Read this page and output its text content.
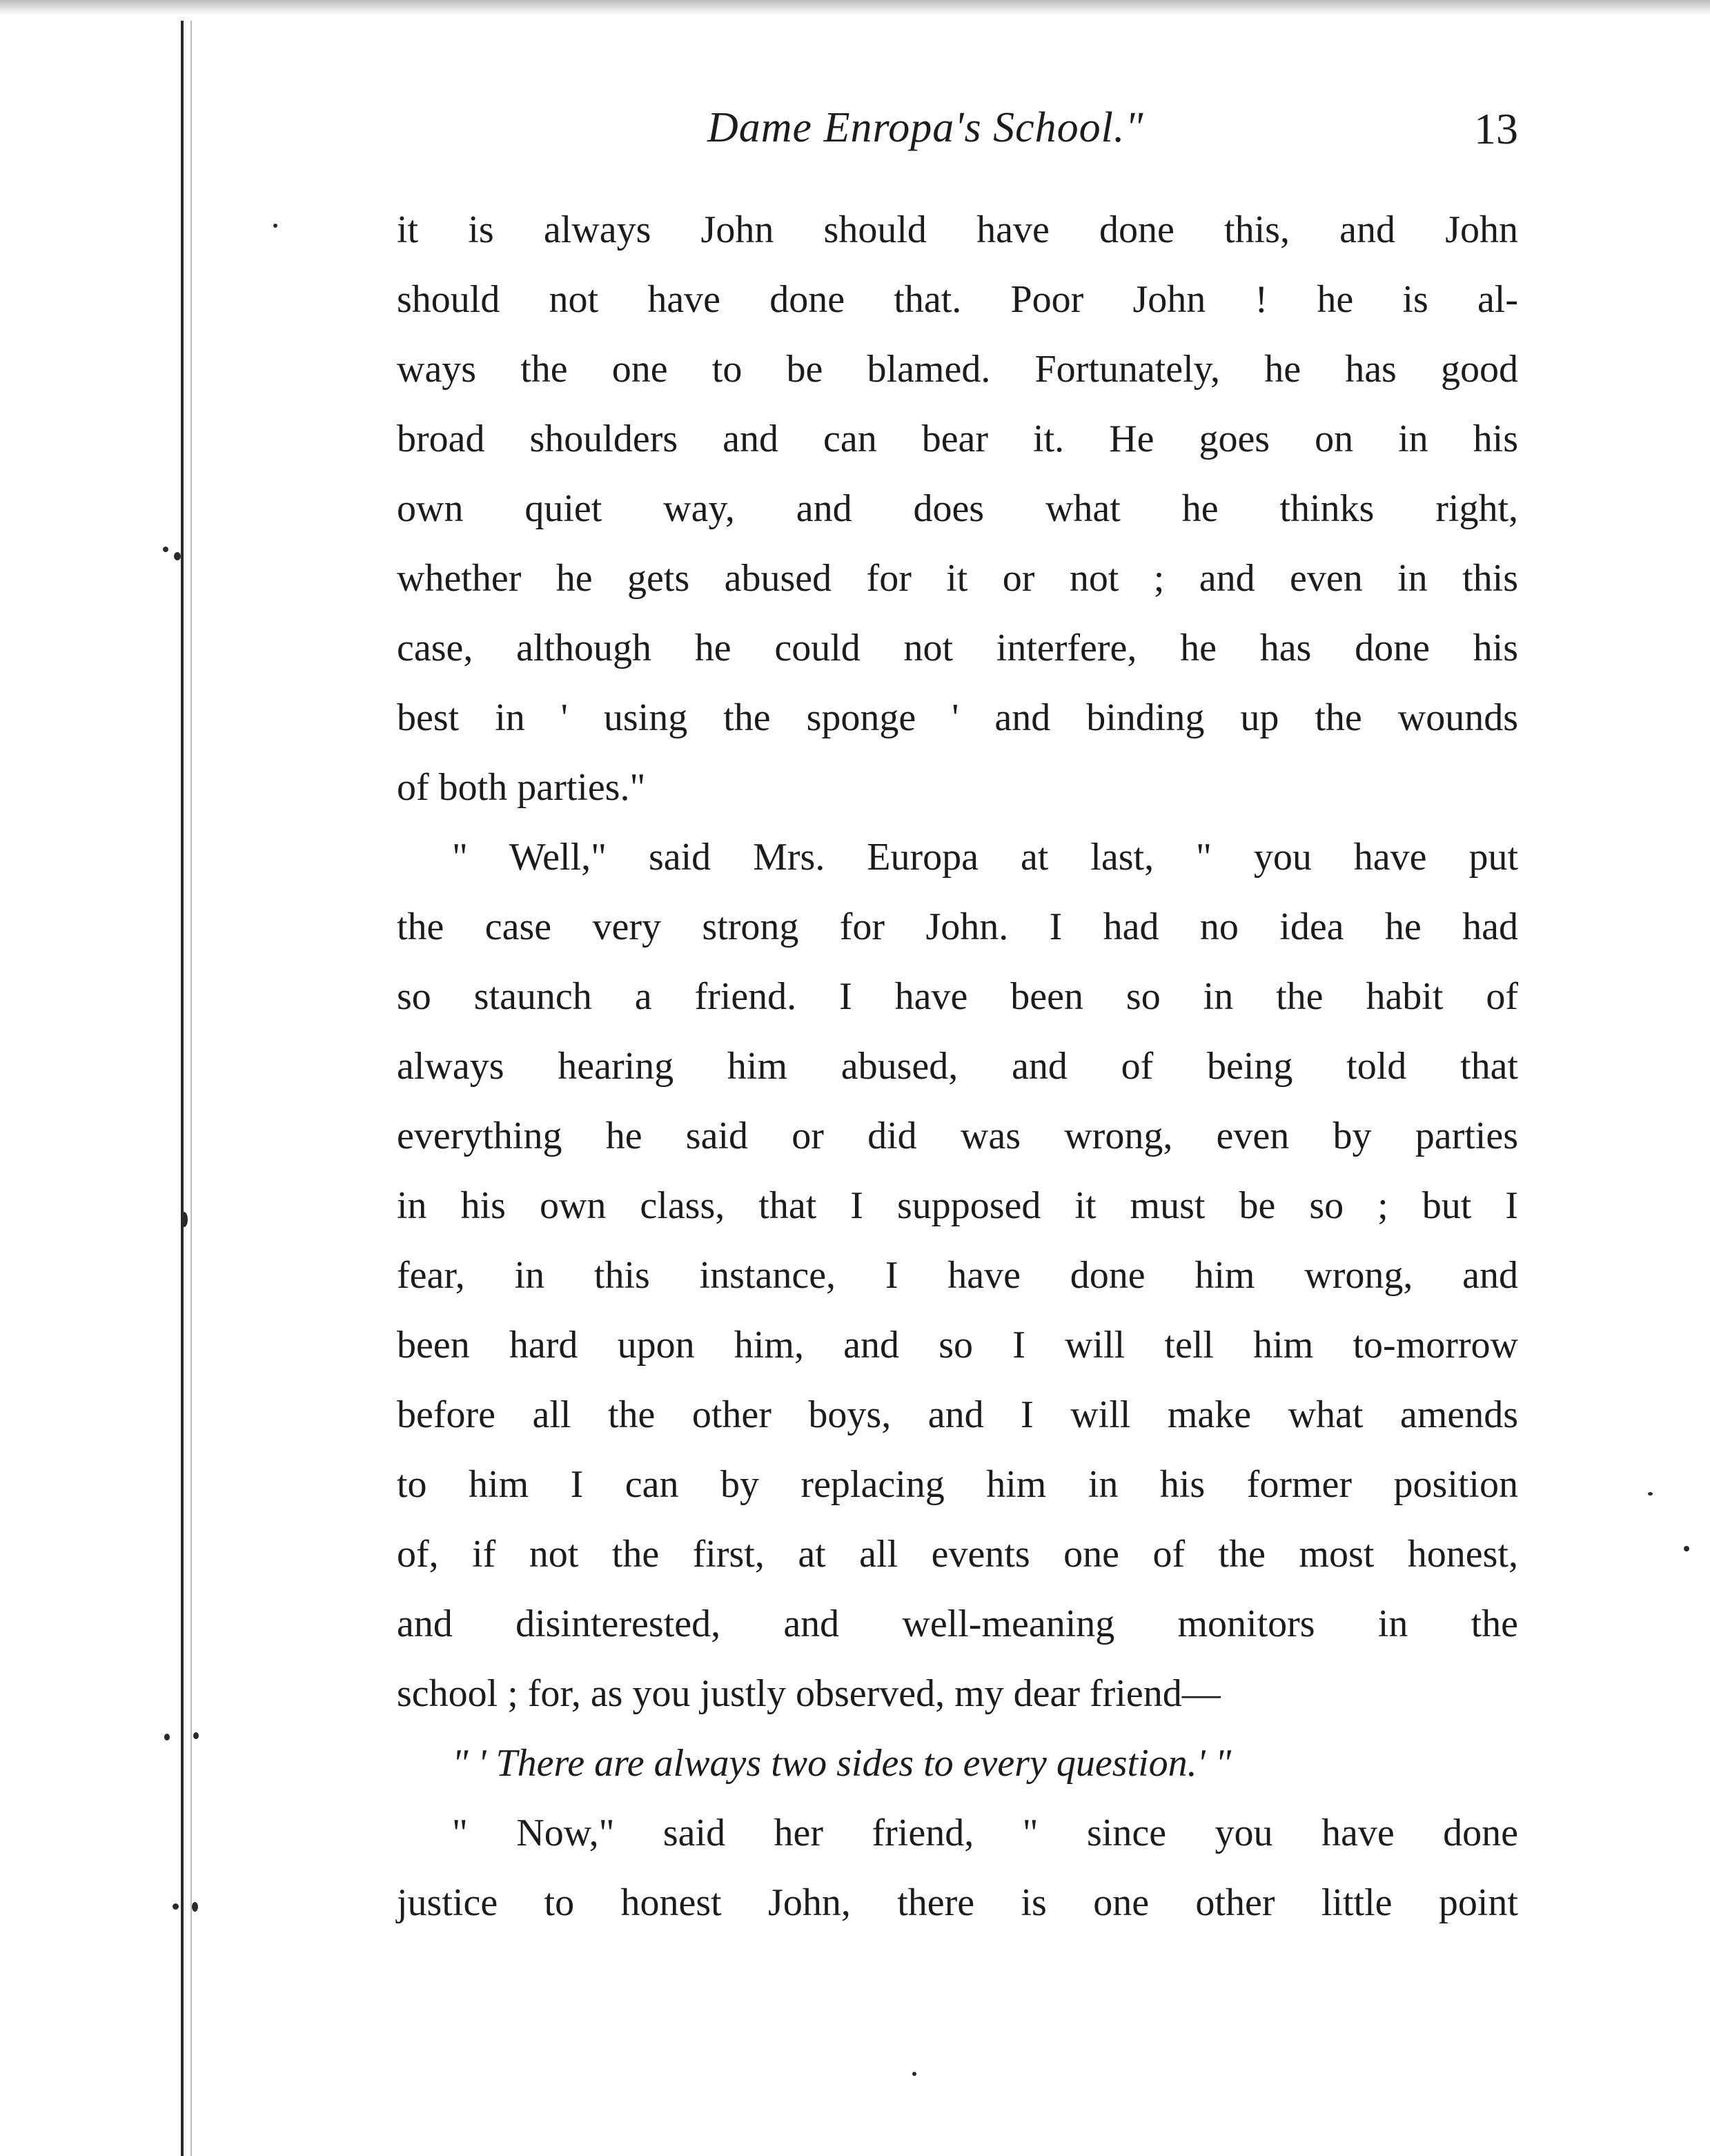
Dame Enropa's School."	13
it is always John should have done this, and John
should not have done that. Poor John ! he is al-
ways the one to be blamed. Fortunately, he has good
broad shoulders and can bear it. He goes on in his
own quiet way, and does what he thinks right,
whether he gets abused for it or not ; and even in this
case, although he could not interfere, he has done his
best in ' using the sponge ' and binding up the wounds
of both parties."
" Well," said Mrs. Europa at last, " you have put
the case very strong for John. I had no idea he had
so staunch a friend. I have been so in the habit of
always hearing him abused, and of being told that
everything he said or did was wrong, even by parties
in his own class, that I supposed it must be so ; but I
fear, in this instance, I have done him wrong, and
been hard upon him, and so I will tell him to-morrow
before all the other boys, and I will make what amends
to him I can by replacing him in his former position
of, if not the first, at all events one of the most honest,
and disinterested, and well-meaning monitors in the
school ; for, as you justly observed, my dear friend—
" ' There are always two sides to every question.' "
" Now," said her friend, " since you have done
justice to honest John, there is one other little point
